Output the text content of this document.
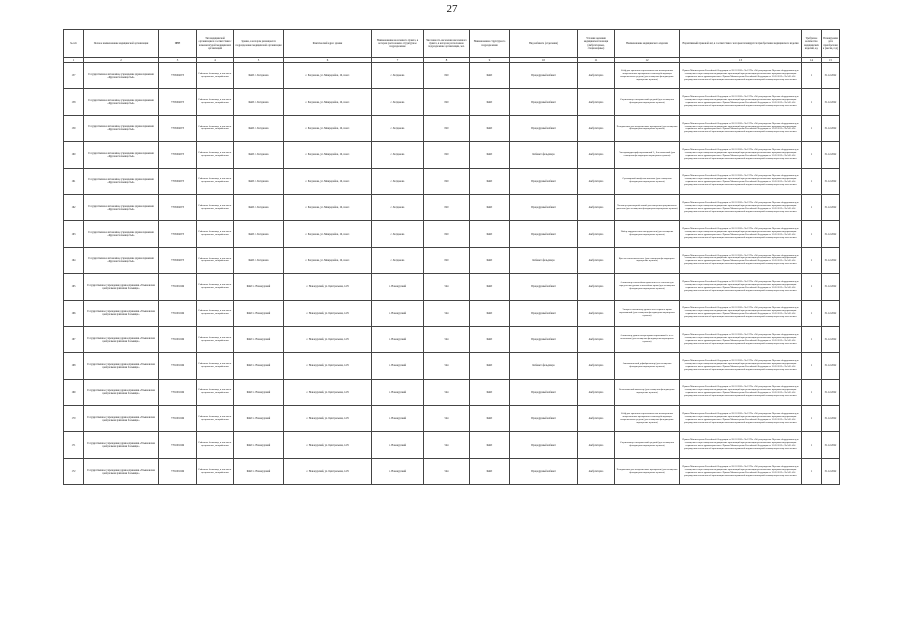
27
№ п/п	Полное наименование медицинской организации	ИНН	Тип медицинской организации в соответствии с номенклатурой медицинских организаций	Здание, в котором размещается подразделение медицинской организации	Фактический адрес здания	Наименование населенного пункта, в котором расположено структурное подразделение	Численность населения населенного пункта, в котором расположено подразделение организации, чел.	Наименование структурного подразделения	Вид кабинета (отделения)	Условия оказания медицинской помощи (амбулаторные, стационарные)	Наименование медицинского изделия	Нормативный правовой акт, в соответствии с которым планируется приобретение медицинского изделия	Требуемое количество медицинских изделий, ед.	Планируемая дата приобретения (месяц, год)
1	2	3	4	5	6	7	8	9	10	11	12	13	14	15
157	Государственное автономное учреждение здравоохранения «Курская больница №4»	7705004973	Районные больницы, в том числе центральные, межрайонные	ФАП с. Богданова	с. Богданова, ул. Микрорайон, 16, пом.1	с. Богданова	820	ФАП	Процедурный кабинет	Амбулаторно	Сейф для хранения переносимых или психотропных лекарственных препаратов и сильнодействующих лекарственных средств (для оснащения фельдшерско-акушерских пунктов)	Приказ Министерства Российской Федерации от 28.12.2020 г. № 1379н «Об утверждении Перечня оборудования для оснащения и переоснащения медицинских организаций при реализации региональных программ модернизации первичного звена здравоохранения». Приказ Министерства Российской Федерации от 15.05.2012 г. № 543 «Об утверждении положения об организации оказания первичной медико-санитарной помощи взрослому населению»	1	31.12.2022
158	Государственное автономное учреждение здравоохранения «Курская больница №4»	7705004973	Районные больницы, в том числе центральные, межрайонные	ФАП с. Богданова	с. Богданова, ул. Микрорайон, 16, пом.1	с. Богданова	820	ФАП	Процедурный кабинет	Амбулаторно	Стерилизатор электрический средний (для оснащения фельдшерско-акушерских пунктов)	Приказ Министерства Российской Федерации от 28.12.2020 г. № 1379н «Об утверждении Перечня оборудования для оснащения и переоснащения медицинских организаций при реализации региональных программ модернизации первичного звена здравоохранения». Приказ Министерства Российской Федерации от 15.05.2012 г. № 543 «Об утверждении положения об организации оказания первичной медико-санитарной помощи взрослому населению»	1	31.12.2022
159	Государственное автономное учреждение здравоохранения «Курская больница №4»	7705004973	Районные больницы, в том числе центральные, межрайонные	ФАП с. Богданова	с. Богданова, ул. Микрорайон, 16, пом.1	с. Богданова	820	ФАП	Процедурный кабинет	Амбулаторно	Холодильник для лекарственных препаратов (для оснащения фельдшерско-акушерских пунктов)	Приказ Министерства Российской Федерации от 28.12.2020 г. № 1379н «Об утверждении Перечня оборудования для оснащения и переоснащения медицинских организаций при реализации региональных программ модернизации первичного звена здравоохранения». Приказ Министерства Российской Федерации от 15.05.2012 г. № 543 «Об утверждении положения об организации оказания первичной медико-санитарной помощи взрослому населению»	1	31.12.2022
160	Государственное автономное учреждение здравоохранения «Курская больница №4»	7705004973	Районные больницы, в том числе центральные, межрайонные	ФАП с. Богданова	с. Богданова, ул. Микрорайон, 16, пом.1	с. Богданова	820	ФАП	Кабинет фельдшера	Амбулаторно	Электрокардиограф портативный 3-, 6-и канальный (для оснащения фельдшерско-акушерских пунктов)	Приказ Министерства Российской Федерации от 28.12.2020 г. № 1379н «Об утверждении Перечня оборудования для оснащения и переоснащения медицинских организаций при реализации региональных программ модернизации первичного звена здравоохранения». Приказ Министерства Российской Федерации от 15.05.2012 г. № 543 «Об утверждении положения об организации оказания первичной медико-санитарной помощи взрослому населению»	1	31.12.2022
161	Государственное автономное учреждение здравоохранения «Курская больница №4»	7705004973	Районные больницы, в том числе центральные, межрайонные	ФАП с. Богданова	с. Богданова, ул. Микрорайон, 16, пом.1	с. Богданова	820	ФАП	Процедурный кабинет	Амбулаторно	Сухожаровой шкаф или автоклав (для оснащения фельдшерско-акушерских пунктов)	Приказ Министерства Российской Федерации от 28.12.2020 г. № 1379н «Об утверждении Перечня оборудования для оснащения и переоснащения медицинских организаций при реализации региональных программ модернизации первичного звена здравоохранения». Приказ Министерства Российской Федерации от 15.05.2012 г. № 543 «Об утверждении положения об организации оказания первичной медико-санитарной помощи взрослому населению»	1	31.12.2022
162	Государственное автономное учреждение здравоохранения «Курская больница №4»	7705004973	Районные больницы, в том числе центральные, межрайонные	ФАП с. Богданова	с. Богданова, ул. Микрорайон, 16, пом.1	с. Богданова	820	ФАП	Процедурный кабинет	Амбулаторно	Тонометр транспортабельный для измерения артериального давления (для оснащения фельдшерско-акушерских пунктов)	Приказ Министерства Российской Федерации от 28.12.2020 г. № 1379н «Об утверждении Перечня оборудования для оснащения и переоснащения медицинских организаций при реализации региональных программ модернизации первичного звена здравоохранения». Приказ Министерства Российской Федерации от 15.05.2012 г. № 543 «Об утверждении положения об организации оказания первичной медико-санитарной помощи взрослому населению»	1	31.12.2022
163	Государственное автономное учреждение здравоохранения «Курская больница №4»	7705004973	Районные больницы, в том числе центральные, межрайонные	ФАП с. Богданова	с. Богданова, ул. Микрорайон, 16, пом.1	с. Богданова	820	ФАП	Процедурный кабинет	Амбулаторно	Набор хирургических инструментов (для оснащения фельдшерско-акушерских пунктов)	Приказ Министерства Российской Федерации от 28.12.2020 г. № 1379н «Об утверждении Перечня оборудования для оснащения и переоснащения медицинских организаций при реализации региональных программ модернизации первичного звена здравоохранения». Приказ Министерства Российской Федерации от 15.05.2012 г. № 543 «Об утверждении положения об организации оказания первичной медико-санитарной помощи взрослому населению»	1	31.12.2022
164	Государственное автономное учреждение здравоохранения «Курская больница №4»	7705004973	Районные больницы, в том числе центральные, межрайонные	ФАП с. Богданова	с. Богданова, ул. Микрорайон, 16, пом.1	с. Богданова	820	ФАП	Кабинет фельдшера	Амбулаторно	Кресло гинекологическое (для оснащения фельдшерско-акушерских пунктов)	Приказ Министерства Российской Федерации от 28.12.2020 г. № 1379н «Об утверждении Перечня оборудования для оснащения и переоснащения медицинских организаций при реализации региональных программ модернизации первичного звена здравоохранения». Приказ Министерства Российской Федерации от 15.05.2012 г. № 543 «Об утверждении положения об организации оказания первичной медико-санитарной помощи взрослому населению»	1	31.12.2022
165	Государственное учреждение здравоохранения «Ульяновская центральная районная больница»	7701001049	Районные больницы, в том числе центральные, межрайонные	ФАП с. Новокурский	с. Новокурский, ул. Центральная, 12/9	с. Новокурский	544	ФАП	Процедурный кабинет	Амбулаторно	Анализатор гемоглобина крови или тест-системы для определения уровня гемоглобина крови (для оснащения фельдшерско-акушерских пунктов)	Приказ Министерства Российской Федерации от 28.12.2020 г. № 1379н «Об утверждении Перечня оборудования для оснащения и переоснащения медицинских организаций при реализации региональных программ модернизации первичного звена здравоохранения». Приказ Министерства Российской Федерации от 15.05.2012 г. № 543 «Об утверждении положения об организации оказания первичной медико-санитарной помощи взрослому населению»	1	31.12.2022
166	Государственное учреждение здравоохранения «Ульяновская центральная районная больница»	7701001049	Районные больницы, в том числе центральные, межрайонные	ФАП с. Новокурский	с. Новокурский, ул. Центральная, 12/9	с. Новокурский	544	ФАП	Процедурный кабинет	Амбулаторно	Экспресс-анализатор уровня холестерина в крови портативный (для оснащения фельдшерско-акушерских пунктов)	Приказ Министерства Российской Федерации от 28.12.2020 г. № 1379н «Об утверждении Перечня оборудования для оснащения и переоснащения медицинских организаций при реализации региональных программ модернизации первичного звена здравоохранения». Приказ Министерства Российской Федерации от 15.05.2012 г. № 543 «Об утверждении положения об организации оказания первичной медико-санитарной помощи взрослому населению»	1	31.12.2022
167	Государственное учреждение здравоохранения «Ульяновская центральная районная больница»	7701001049	Районные больницы, в том числе центральные, межрайонные	ФАП с. Новокурский	с. Новокурский, ул. Центральная, 12/9	с. Новокурский	544	ФАП	Процедурный кабинет	Амбулаторно	Анализатор уровня сахара крови портативный с тест-полосками (для оснащения фельдшерско-акушерских пунктов)	Приказ Министерства Российской Федерации от 28.12.2020 г. № 1379н «Об утверждении Перечня оборудования для оснащения и переоснащения медицинских организаций при реализации региональных программ модернизации первичного звена здравоохранения». Приказ Министерства Российской Федерации от 15.05.2012 г. № 543 «Об утверждении положения об организации оказания первичной медико-санитарной помощи взрослому населению»	1	31.12.2022
168	Государственное учреждение здравоохранения «Ульяновская центральная районная больница»	7701001049	Районные больницы, в том числе центральные, межрайонные	ФАП с. Новокурский	с. Новокурский, ул. Центральная, 12/9	с. Новокурский	544	ФАП	Кабинет фельдшера	Амбулаторно	Автоматический дефибриллятор (для оснащения фельдшерско-акушерских пунктов)	Приказ Министерства Российской Федерации от 28.12.2020 г. № 1379н «Об утверждении Перечня оборудования для оснащения и переоснащения медицинских организаций при реализации региональных программ модернизации первичного звена здравоохранения». Приказ Министерства Российской Федерации от 15.05.2012 г. № 543 «Об утверждении положения об организации оказания первичной медико-санитарной помощи взрослому населению»	1	31.12.2022
169	Государственное учреждение здравоохранения «Ульяновская центральная районная больница»	7701001049	Районные больницы, в том числе центральные, межрайонные	ФАП с. Новокурский	с. Новокурский, ул. Центральная, 12/9	с. Новокурский	544	ФАП	Процедурный кабинет	Амбулаторно	Бесконтактный пиксметр (для оснащения фельдшерско-акушерских пунктов)	Приказ Министерства Российской Федерации от 28.12.2020 г. № 1379н «Об утверждении Перечня оборудования для оснащения и переоснащения медицинских организаций при реализации региональных программ модернизации первичного звена здравоохранения». Приказ Министерства Российской Федерации от 15.05.2012 г. № 543 «Об утверждении положения об организации оказания первичной медико-санитарной помощи взрослому населению»	1	31.12.2022
170	Государственное учреждение здравоохранения «Ульяновская центральная районная больница»	7701001049	Районные больницы, в том числе центральные, межрайонные	ФАП с. Новокурский	с. Новокурский, ул. Центральная, 12/9	с. Новокурский	544	ФАП	Процедурный кабинет	Амбулаторно	Сейф для хранения переносимых или психотропных лекарственных препаратов и сильнодействующих лекарственных средств (для оснащения фельдшерско-акушерских пунктов)	Приказ Министерства Российской Федерации от 28.12.2020 г. № 1379н «Об утверждении Перечня оборудования для оснащения и переоснащения медицинских организаций при реализации региональных программ модернизации первичного звена здравоохранения». Приказ Министерства Российской Федерации от 15.05.2012 г. № 543 «Об утверждении положения об организации оказания первичной медико-санитарной помощи взрослому населению»	1	31.12.2022
171	Государственное учреждение здравоохранения «Ульяновская центральная районная больница»	7701001049	Районные больницы, в том числе центральные, межрайонные	ФАП с. Новокурский	с. Новокурский, ул. Центральная, 12/9	с. Новокурский	544	ФАП	Процедурный кабинет	Амбулаторно	Стерилизатор электрический средний (для оснащения фельдшерско-акушерских пунктов)	Приказ Министерства Российской Федерации от 28.12.2020 г. № 1379н «Об утверждении Перечня оборудования для оснащения и переоснащения медицинских организаций при реализации региональных программ модернизации первичного звена здравоохранения». Приказ Министерства Российской Федерации от 15.05.2012 г. № 543 «Об утверждении положения об организации оказания первичной медико-санитарной помощи взрослому населению»	1	31.12.2022
172	Государственное учреждение здравоохранения «Ульяновская центральная районная больница»	7701001049	Районные больницы, в том числе центральные, межрайонные	ФАП с. Новокурский	с. Новокурский, ул. Центральная, 12/9	с. Новокурский	544	ФАП	Процедурный кабинет	Амбулаторно	Холодильник для лекарственных препаратов (для оснащения фельдшерско-акушерских пунктов)	Приказ Министерства Российской Федерации от 28.12.2020 г. № 1379н «Об утверждении Перечня оборудования для оснащения и переоснащения медицинских организаций при реализации региональных программ модернизации первичного звена здравоохранения». Приказ Министерства Российской Федерации от 15.05.2012 г. № 543 «Об утверждении положения об организации оказания первичной медико-санитарной помощи взрослому населению»	1	31.12.2022
